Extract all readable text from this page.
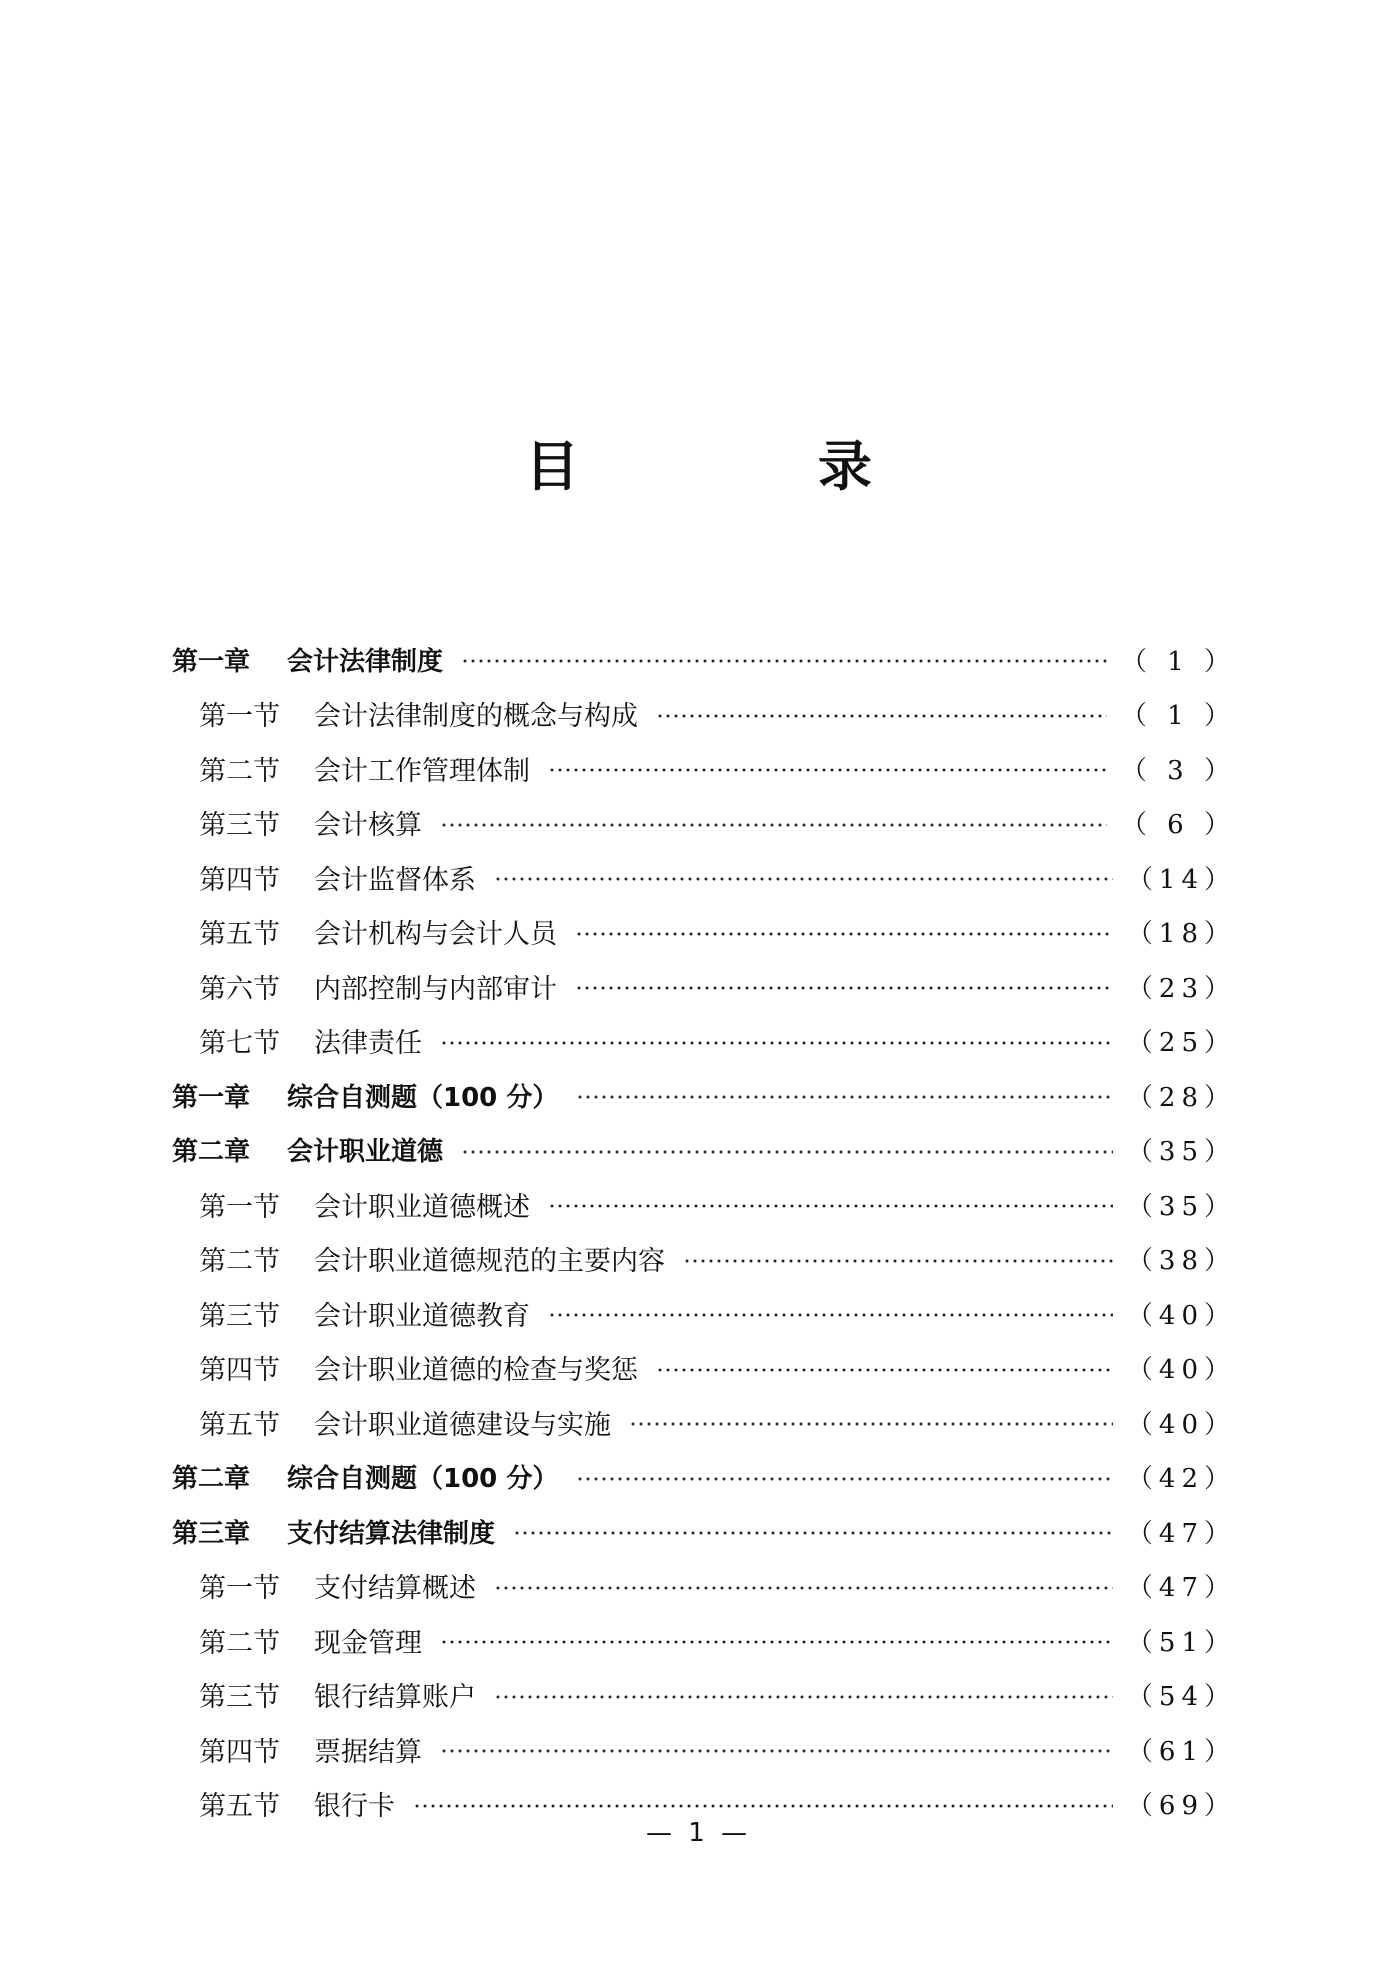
目 录
第一章	会计法律制度	（ 1 ）
第一节	会计法律制度的概念与构成	（ 1 ）
第二节	会计工作管理体制	（ 3 ）
第三节	会计核算	（ 6 ）
第四节	会计监督体系	（14）
第五节	会计机构与会计人员	（18）
第六节	内部控制与内部审计	（23）
第七节	法律责任	（25）
第一章	综合自测题（100 分）	（28）
第二章	会计职业道德	（35）
第一节	会计职业道德概述	（35）
第二节	会计职业道德规范的主要内容	（38）
第三节	会计职业道德教育	（40）
第四节	会计职业道德的检查与奖惩	（40）
第五节	会计职业道德建设与实施	（40）
第二章	综合自测题（100 分）	（42）
第三章	支付结算法律制度	（47）
第一节	支付结算概述	（47）
第二节	现金管理	（51）
第三节	银行结算账户	（54）
第四节	票据结算	（61）
第五节	银行卡	（69）
— 1 —
